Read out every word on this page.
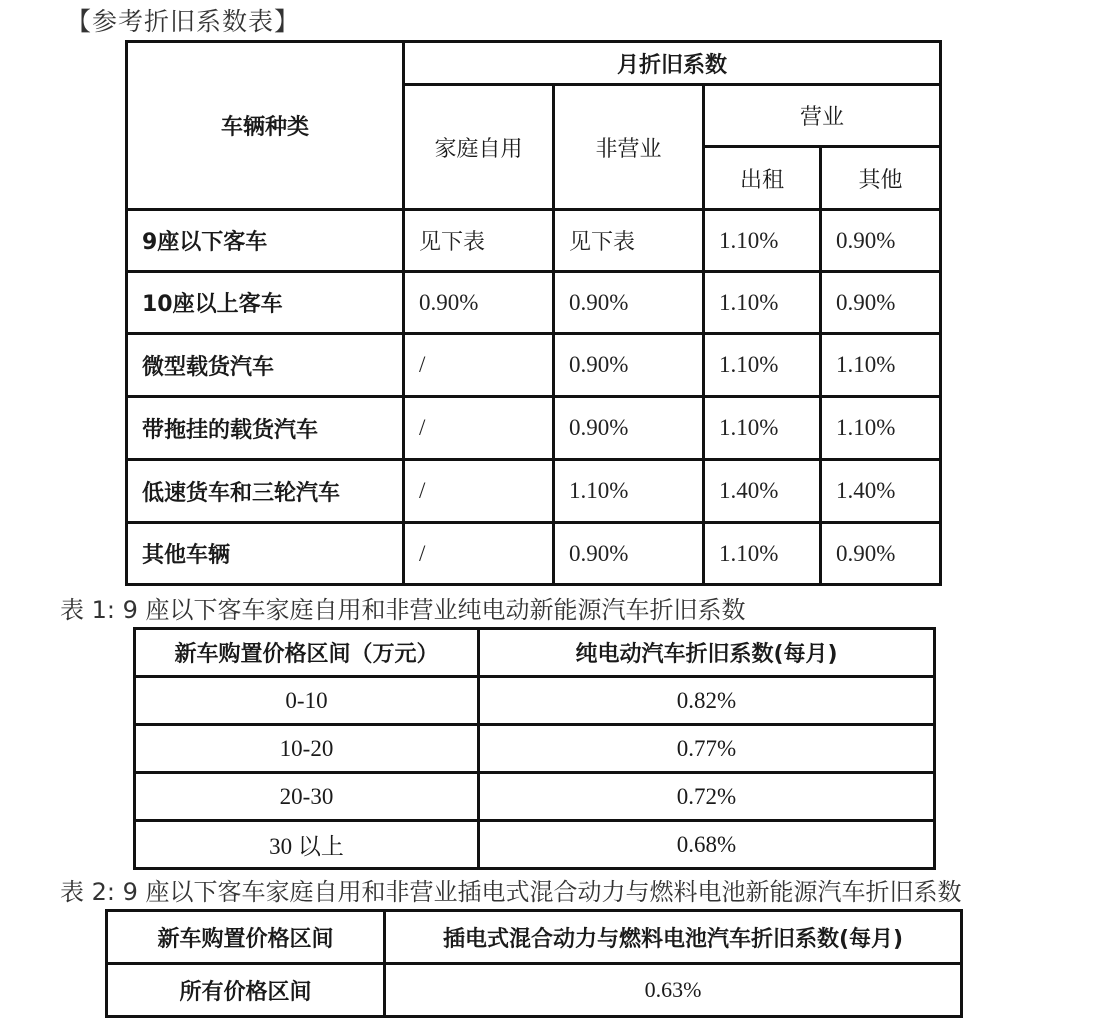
【参考折旧系数表】
车辆种类	月折旧系数			
	家庭自用	非营业	营业	
			出租	其他
9座以下客车	见下表	见下表	1.10%	0.90%
10座以上客车	0.90%	0.90%	1.10%	0.90%
微型载货汽车	/	0.90%	1.10%	1.10%
带拖挂的载货汽车	/	0.90%	1.10%	1.10%
低速货车和三轮汽车	/	1.10%	1.40%	1.40%
其他车辆	/	0.90%	1.10%	0.90%
表 1: 9 座以下客车家庭自用和非营业纯电动新能源汽车折旧系数
新车购置价格区间（万元）	纯电动汽车折旧系数(每月)
0-10	0.82%
10-20	0.77%
20-30	0.72%
30 以上	0.68%
表 2: 9 座以下客车家庭自用和非营业插电式混合动力与燃料电池新能源汽车折旧系数
新车购置价格区间	插电式混合动力与燃料电池汽车折旧系数(每月)
所有价格区间	0.63%
